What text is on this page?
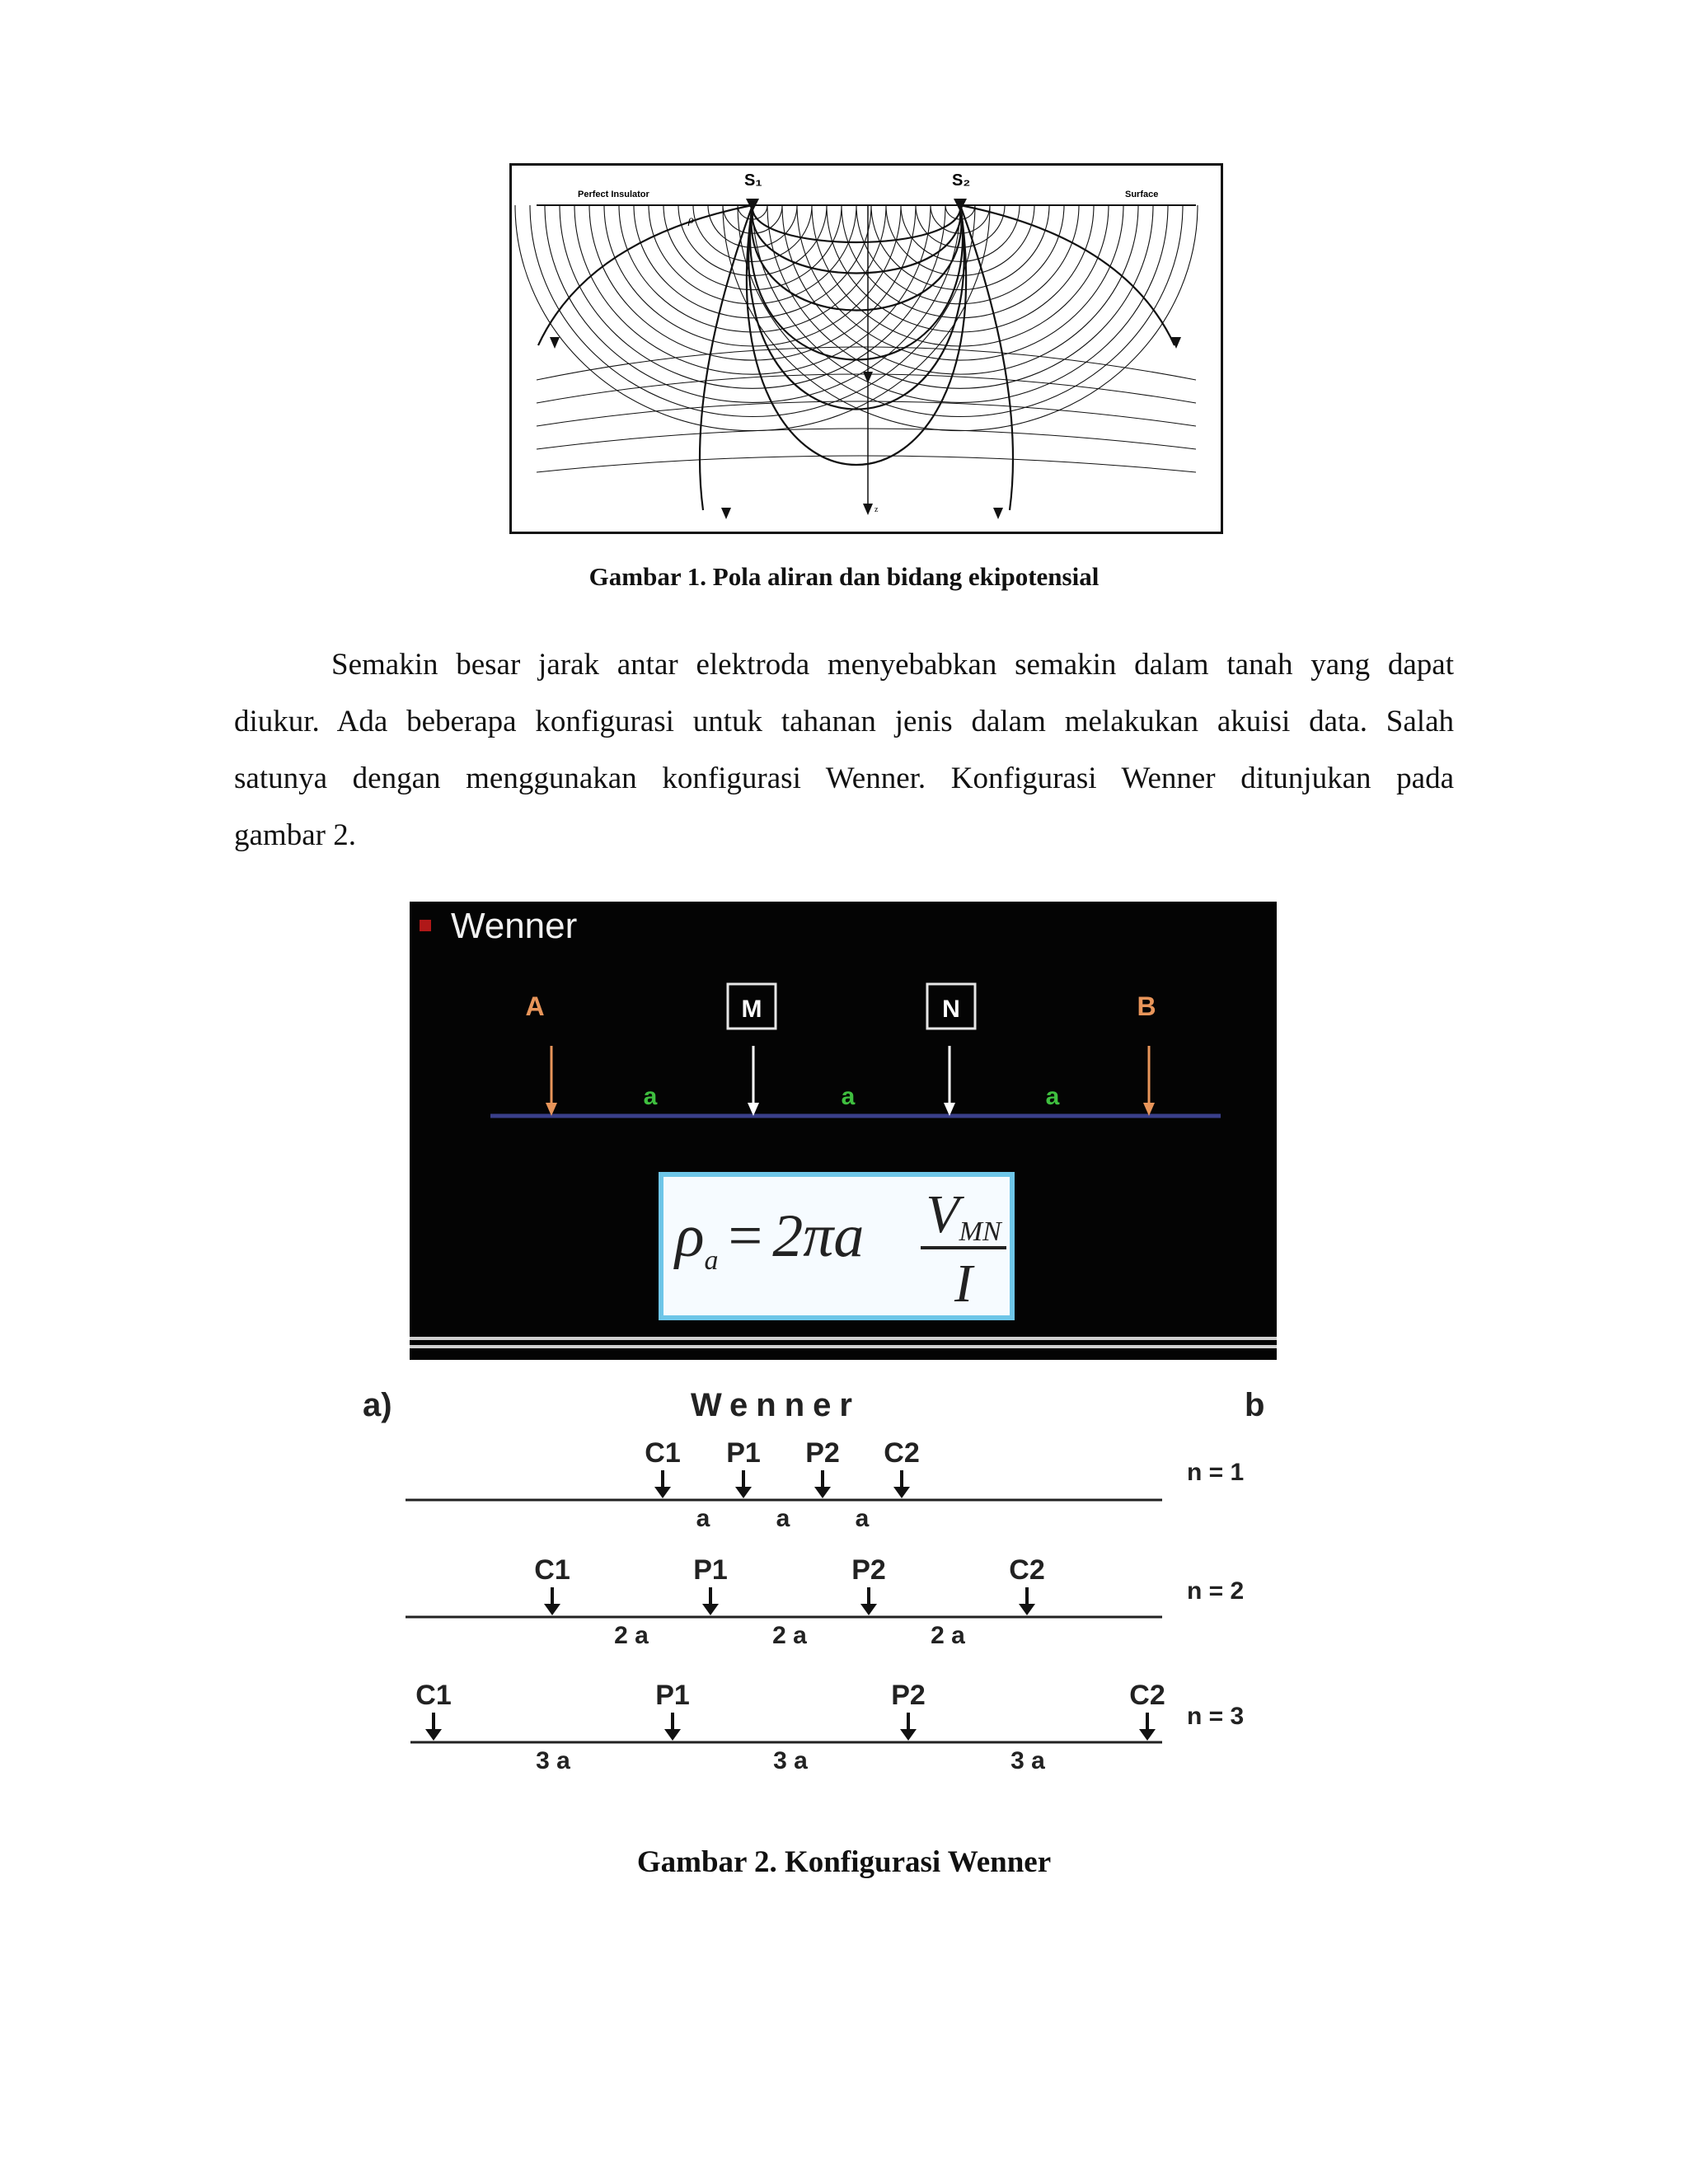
Perfect Insulator	Surface
S₁	S₂
ρ
z
Gambar 1. Pola aliran dan bidang ekipotensial
Semakin besar jarak antar elektroda menyebabkan semakin dalam tanah yang dapat
diukur. Ada beberapa konfigurasi untuk tahanan jenis dalam melakukan akuisi data. Salah
satunya dengan menggunakan konfigurasi Wenner. Konfigurasi Wenner ditunjukan pada
gambar 2.
Wenner
A	M	N	B
a	a	a
$\rho_a = 2\pi a$ VMN
I
a)	Wenner	b
C1 P1 P2 C2
a	a	a
n = 1
C1	P1	P2	C2
2 a	2 a	2 a
n = 2
C1	P1	P2	C2
3 a	3 a	3 a
n = 3
Gambar 2. Konfigurasi Wenner
